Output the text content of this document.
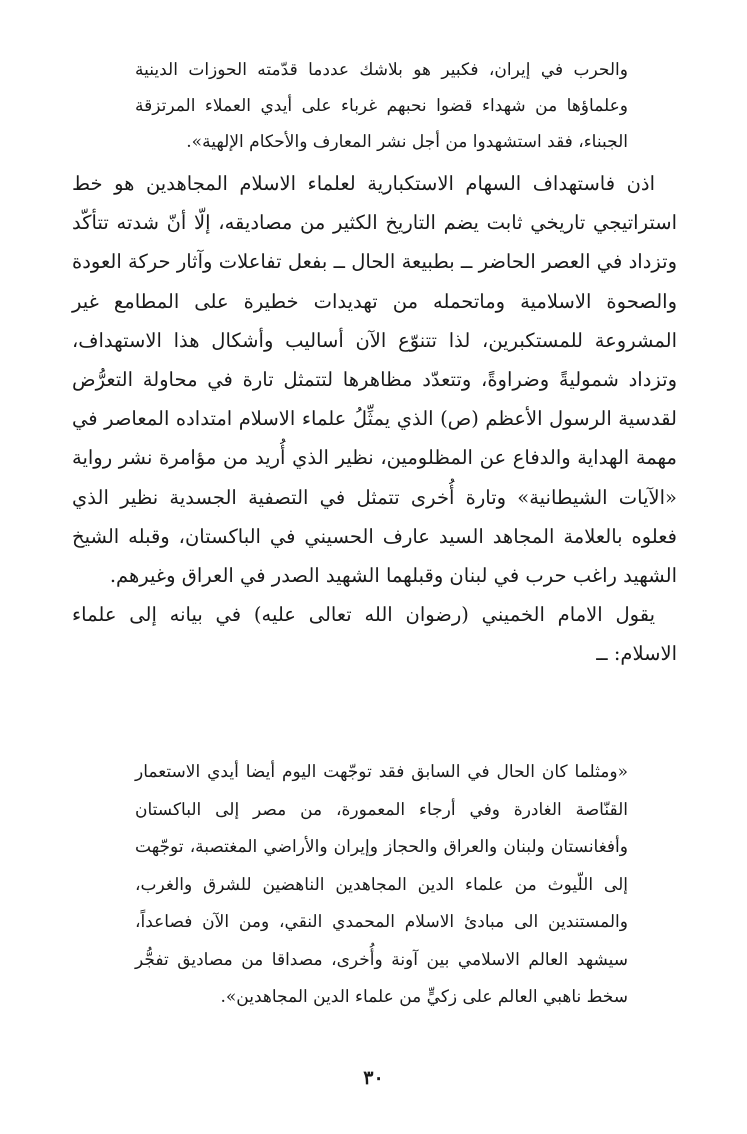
والحرب في إيران، فكبير هو بلاشك عددما قدّمته الحوزات الدينية وعلماؤها من شهداء قضوا نحبهم غرباء على أيدي العملاء المرتزقة الجبناء، فقد استشهدوا من أجل نشر المعارف والأحكام الإلهية».

اذن فاستهداف السهام الاستكبارية لعلماء الاسلام المجاهدين هو خط استراتيجي تاريخي ثابت يضم التاريخ الكثير من مصاديقه، إلّا أنّ شدته تتأكّد وتزداد في العصر الحاضر ــ بطبيعة الحال ــ بفعل تفاعلات وآثار حركة العودة والصحوة الاسلامية وماتحمله من تهديدات خطيرة على المطامع غير المشروعة للمستكبرين، لذا تتنوّع الآن أساليب وأشكال هذا الاستهداف، وتزداد شموليةً وضراوةً، وتتعدّد مظاهرها لتتمثل تارة في محاولة التعرُّض لقدسية الرسول الأعظم (ص) الذي يمثِّلُ علماء الاسلام امتداده المعاصر في مهمة الهداية والدفاع عن المظلومين، نظير الذي أُريد من مؤامرة نشر رواية «الآيات الشيطانية» وتارة أُخرى تتمثل في التصفية الجسدية نظير الذي فعلوه بالعلامة المجاهد السيد عارف الحسيني في الباكستان، وقبله الشيخ الشهيد راغب حرب في لبنان وقبلهما الشهيد الصدر في العراق وغيرهم.

يقول الامام الخميني (رضوان الله تعالى عليه) في بيانه إلى علماء الاسلام: ــ

«ومثلما كان الحال في السابق فقد توجّهت اليوم أيضا أيدي الاستعمار القنّاصة الغادرة وفي أرجاء المعمورة، من مصر إلى الباكستان وأفغانستان ولبنان والعراق والحجاز وإيران والأراضي المغتصبة، توجّهت إلى اللّيوث من علماء الدين المجاهدين الناهضين للشرق والغرب، والمستندين الى مبادئ الاسلام المحمدي النقي، ومن الآن فصاعداً، سيشهد العالم الاسلامي بين آونة وأُخرى، مصداقا من مصاديق تفجُّر سخط ناهبي العالم على زكيٍّ من علماء الدين المجاهدين».
٣٠
